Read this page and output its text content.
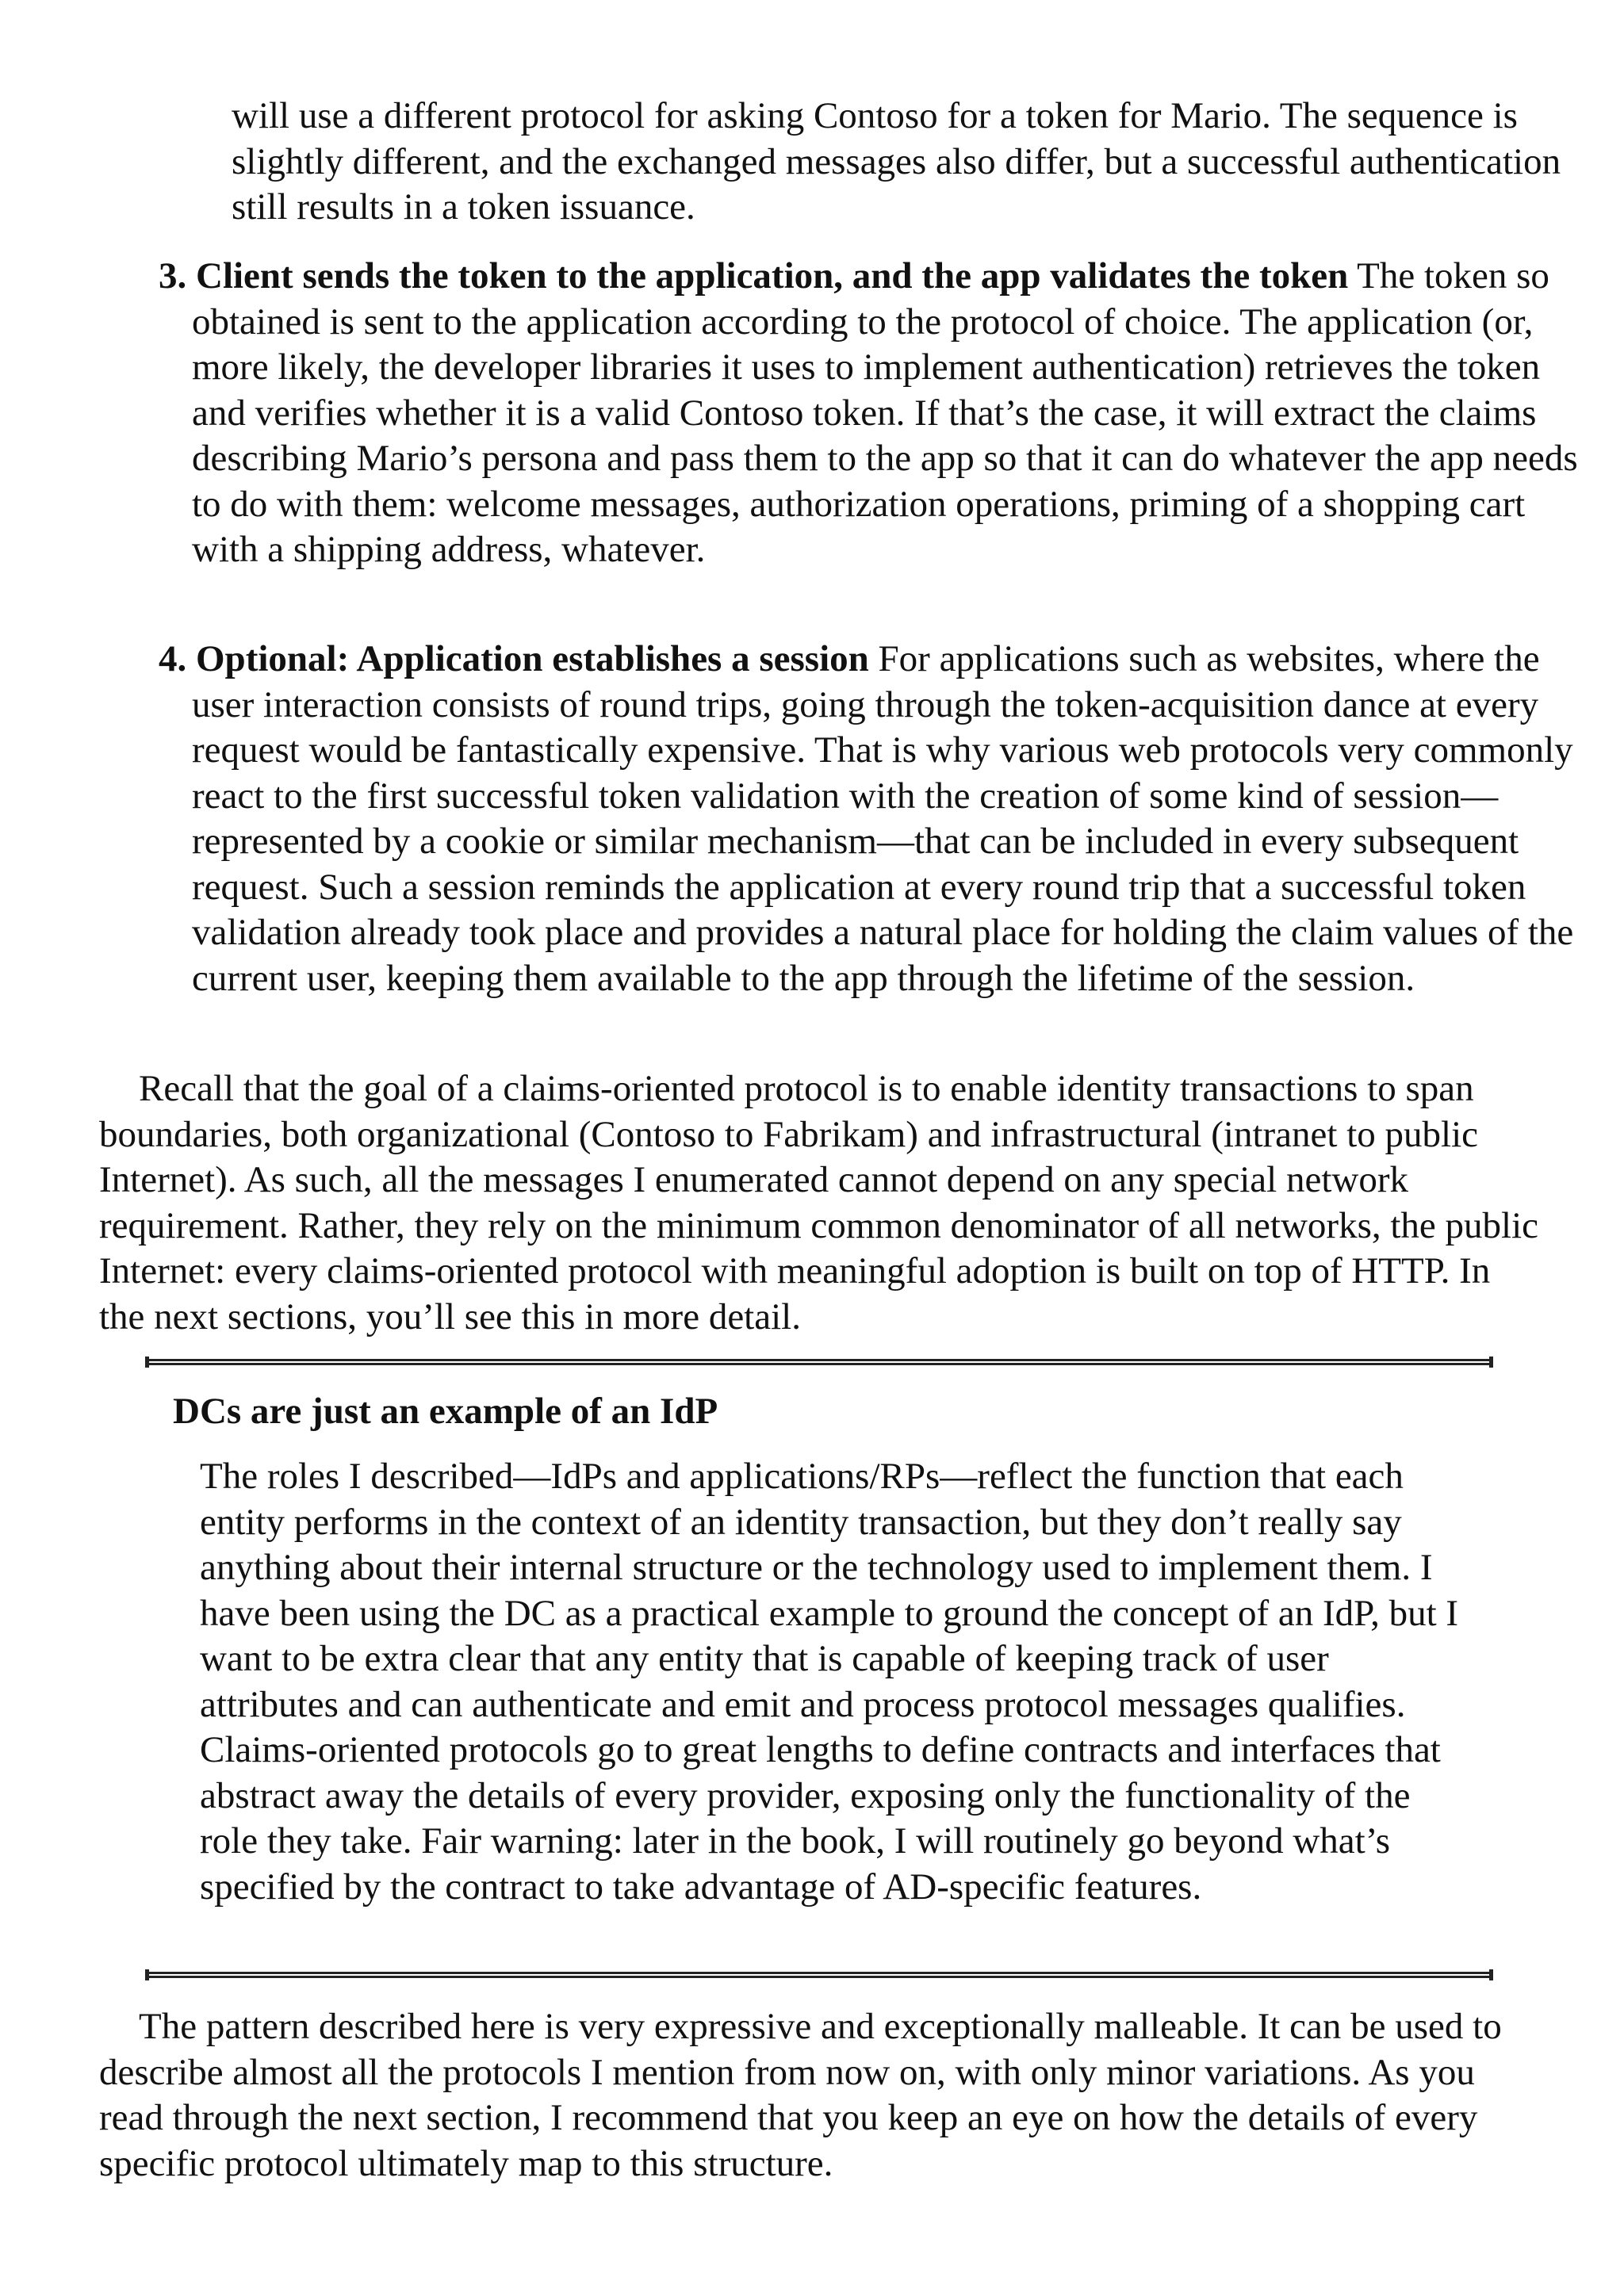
will use a different protocol for asking Contoso for a token for Mario. The sequence is slightly different, and the exchanged messages also differ, but a successful authentication still results in a token issuance.

3. Client sends the token to the application, and the app validates the token The token so obtained is sent to the application according to the protocol of choice. The application (or, more likely, the developer libraries it uses to implement authentication) retrieves the token and verifies whether it is a valid Contoso token. If that’s the case, it will extract the claims describing Mario’s persona and pass them to the app so that it can do whatever the app needs to do with them: welcome messages, authorization operations, priming of a shopping cart with a shipping address, whatever.

4. Optional: Application establishes a session For applications such as websites, where the user interaction consists of round trips, going through the token-acquisition dance at every request would be fantastically expensive. That is why various web protocols very commonly react to the first successful token validation with the creation of some kind of session—represented by a cookie or similar mechanism—that can be included in every subsequent request. Such a session reminds the application at every round trip that a successful token validation already took place and provides a natural place for holding the claim values of the current user, keeping them available to the app through the lifetime of the session.

Recall that the goal of a claims-oriented protocol is to enable identity transactions to span boundaries, both organizational (Contoso to Fabrikam) and infrastructural (intranet to public Internet). As such, all the messages I enumerated cannot depend on any special network requirement. Rather, they rely on the minimum common denominator of all networks, the public Internet: every claims-oriented protocol with meaningful adoption is built on top of HTTP. In the next sections, you’ll see this in more detail.

DCs are just an example of an IdP

The roles I described—IdPs and applications/RPs—reflect the function that each entity performs in the context of an identity transaction, but they don’t really say anything about their internal structure or the technology used to implement them. I have been using the DC as a practical example to ground the concept of an IdP, but I want to be extra clear that any entity that is capable of keeping track of user attributes and can authenticate and emit and process protocol messages qualifies. Claims-oriented protocols go to great lengths to define contracts and interfaces that abstract away the details of every provider, exposing only the functionality of the role they take. Fair warning: later in the book, I will routinely go beyond what’s specified by the contract to take advantage of AD-specific features.

The pattern described here is very expressive and exceptionally malleable. It can be used to describe almost all the protocols I mention from now on, with only minor variations. As you read through the next section, I recommend that you keep an eye on how the details of every specific protocol ultimately map to this structure.
